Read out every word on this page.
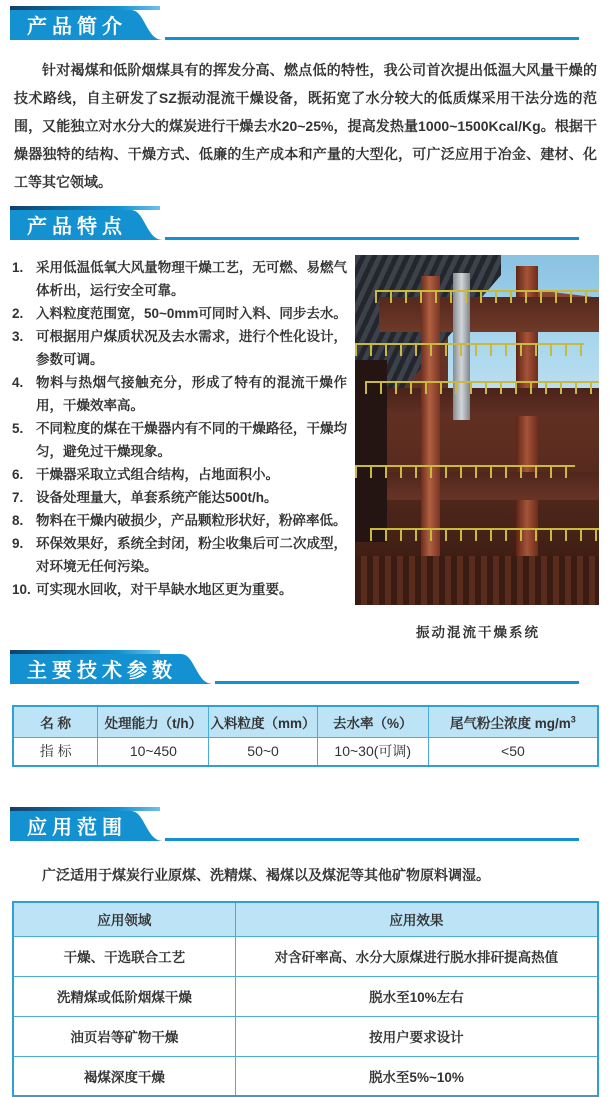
产品简介

针对褐煤和低阶烟煤具有的挥发分高、燃点低的特性，我公司首次提出低温大风量干燥的技术路线，自主研发了SZ振动混流干燥设备，既拓宽了水分较大的低质煤采用干法分选的范围，又能独立对水分大的煤炭进行干燥去水20~25%，提高发热量1000~1500Kcal/Kg。根据干燥器独特的结构、干燥方式、低廉的生产成本和产量的大型化，可广泛应用于冶金、建材、化工等其它领域。

产品特点
1. 采用低温低氧大风量物理干燥工艺，无可燃、易燃气体析出，运行安全可靠。
2. 入料粒度范围宽，50~0mm可同时入料、同步去水。
3. 可根据用户煤质状况及去水需求，进行个性化设计，参数可调。
4. 物料与热烟气接触充分，形成了特有的混流干燥作用，干燥效率高。
5. 不同粒度的煤在干燥器内有不同的干燥路径，干燥均匀，避免过干燥现象。
6. 干燥器采取立式组合结构，占地面积小。
7. 设备处理量大，单套系统产能达500t/h。
8. 物料在干燥内破损少，产品颗粒形状好，粉碎率低。
9. 环保效果好，系统全封闭，粉尘收集后可二次成型，对环境无任何污染。
10. 可实现水回收，对干旱缺水地区更为重要。
振动混流干燥系统
主要技术参数
名 称	处理能力（t/h）	入料粒度（mm）	去水率（%）	尾气粉尘浓度 $mg/m^3$
指 标	10~450	50~0	10~30(可调)	<50
应用范围

广泛适用于煤炭行业原煤、洗精煤、褐煤以及煤泥等其他矿物原料调湿。

应用领域	应用效果
干燥、干选联合工艺	对含矸率高、水分大原煤进行脱水排矸提高热值
洗精煤或低阶烟煤干燥	脱水至10%左右
油页岩等矿物干燥	按用户要求设计
褐煤深度干燥	脱水至5%~10%
